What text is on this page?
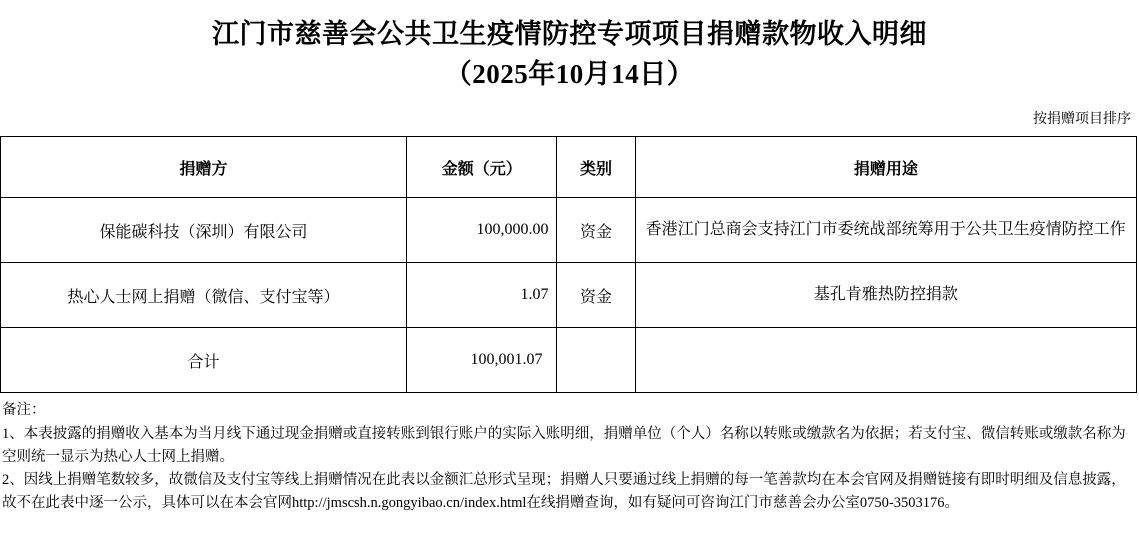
江门市慈善会公共卫生疫情防控专项项目捐赠款物收入明细
（2025年10月14日）
按捐赠项目排序
捐赠方	金额（元）	类别	捐赠用途
保能碳科技（深圳）有限公司	100,000.00	资金	香港江门总商会支持江门市委统战部统筹用于公共卫生疫情防控工作
热心人士网上捐赠（微信、支付宝等）	1.07	资金	基孔肯雅热防控捐款
合计	100,001.07		
备注：
1、本表披露的捐赠收入基本为当月线下通过现金捐赠或直接转账到银行账户的实际入账明细，捐赠单位（个人）名称以转账或缴款名为依据；若支付宝、微信转账或缴款名称为空则统一显示为热心人士网上捐赠。
2、因线上捐赠笔数较多，故微信及支付宝等线上捐赠情况在此表以金额汇总形式呈现；捐赠人只要通过线上捐赠的每一笔善款均在本会官网及捐赠链接有即时明细及信息披露，故不在此表中逐一公示，具体可以在本会官网http://jmscsh.n.gongyibao.cn/index.html在线捐赠查询，如有疑问可咨询江门市慈善会办公室0750-3503176。
